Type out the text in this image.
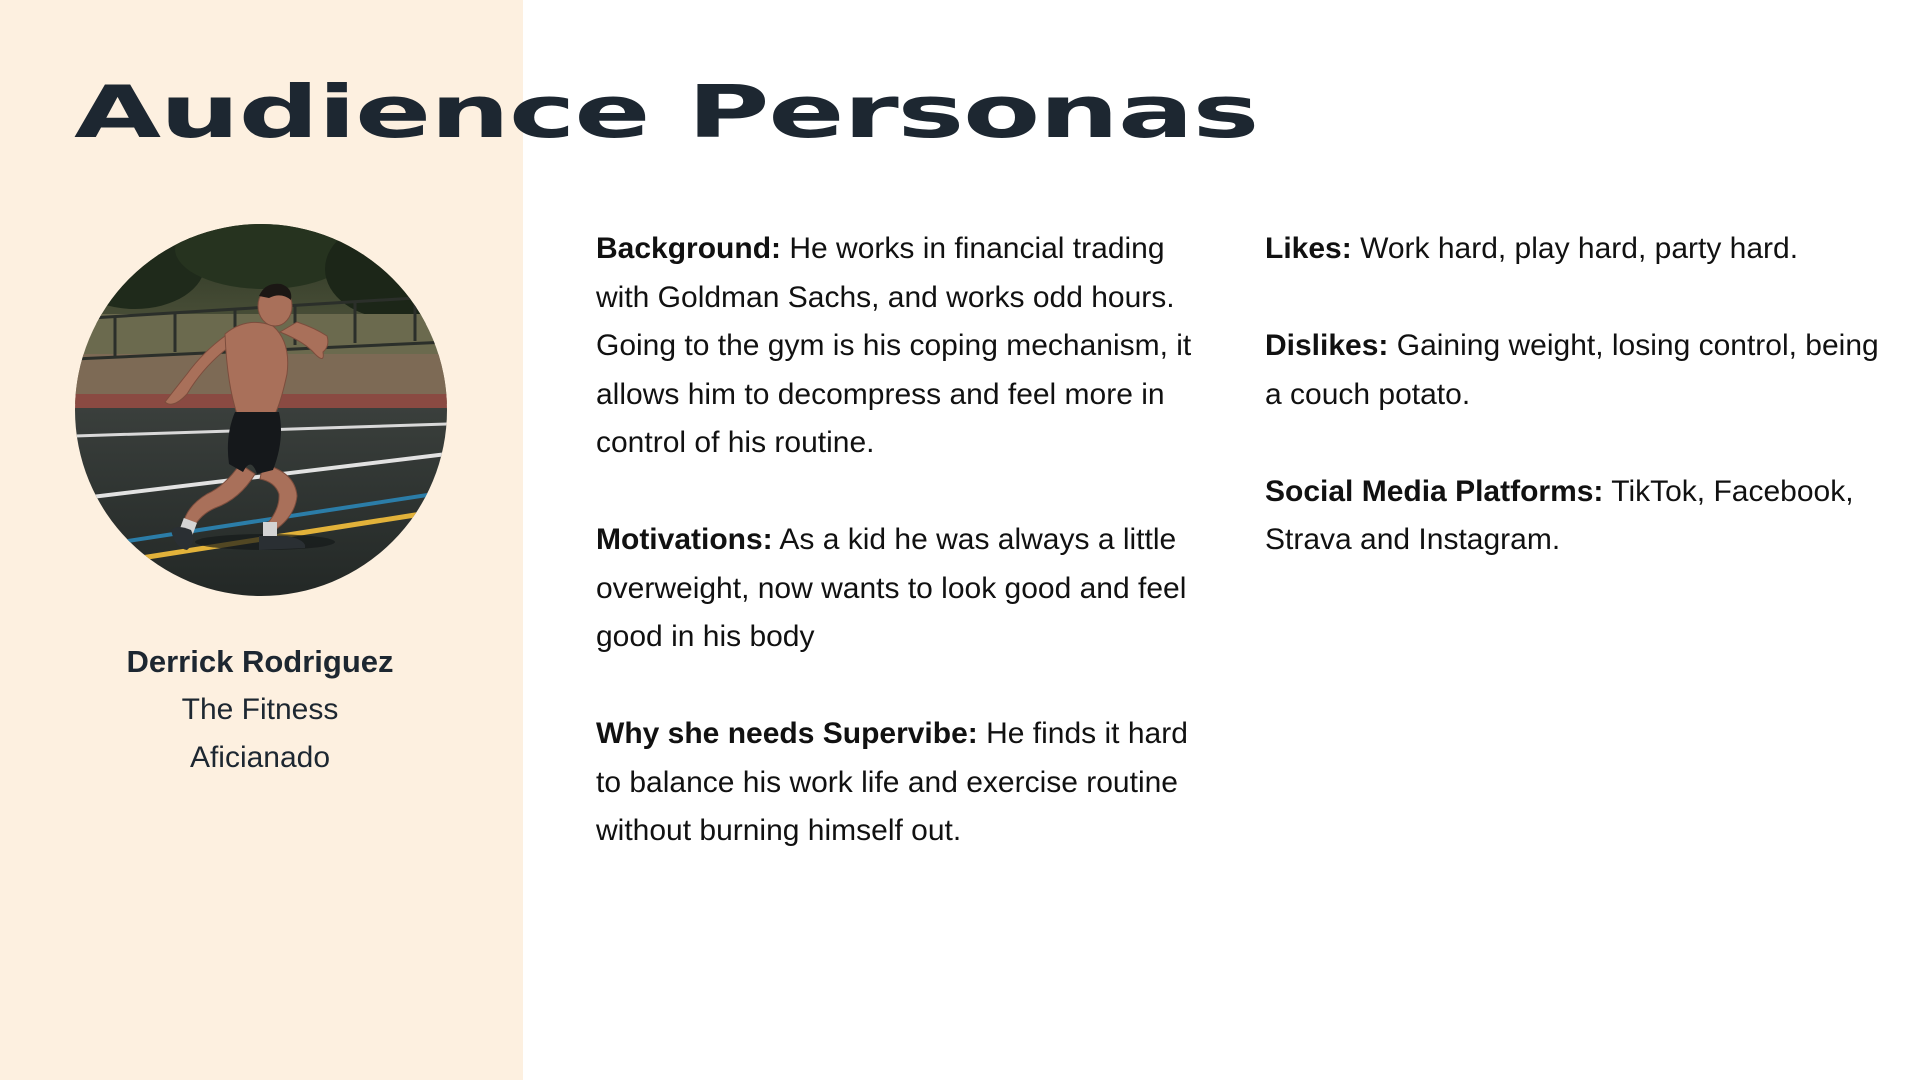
Audience Personas
Derrick Rodriguez
The Fitness Aficianado

Background: He works in financial trading with Goldman Sachs, and works odd hours. Going to the gym is his coping mechanism, it allows him to decompress and feel more in control of his routine.

Motivations: As a kid he was always a little overweight, now wants to look good and feel good in his body

Why she needs Supervibe: He finds it hard to balance his work life and exercise routine without burning himself out.

Likes: Work hard, play hard, party hard.

Dislikes: Gaining weight, losing control, being a couch potato.

Social Media Platforms: TikTok, Facebook, Strava and Instagram.
